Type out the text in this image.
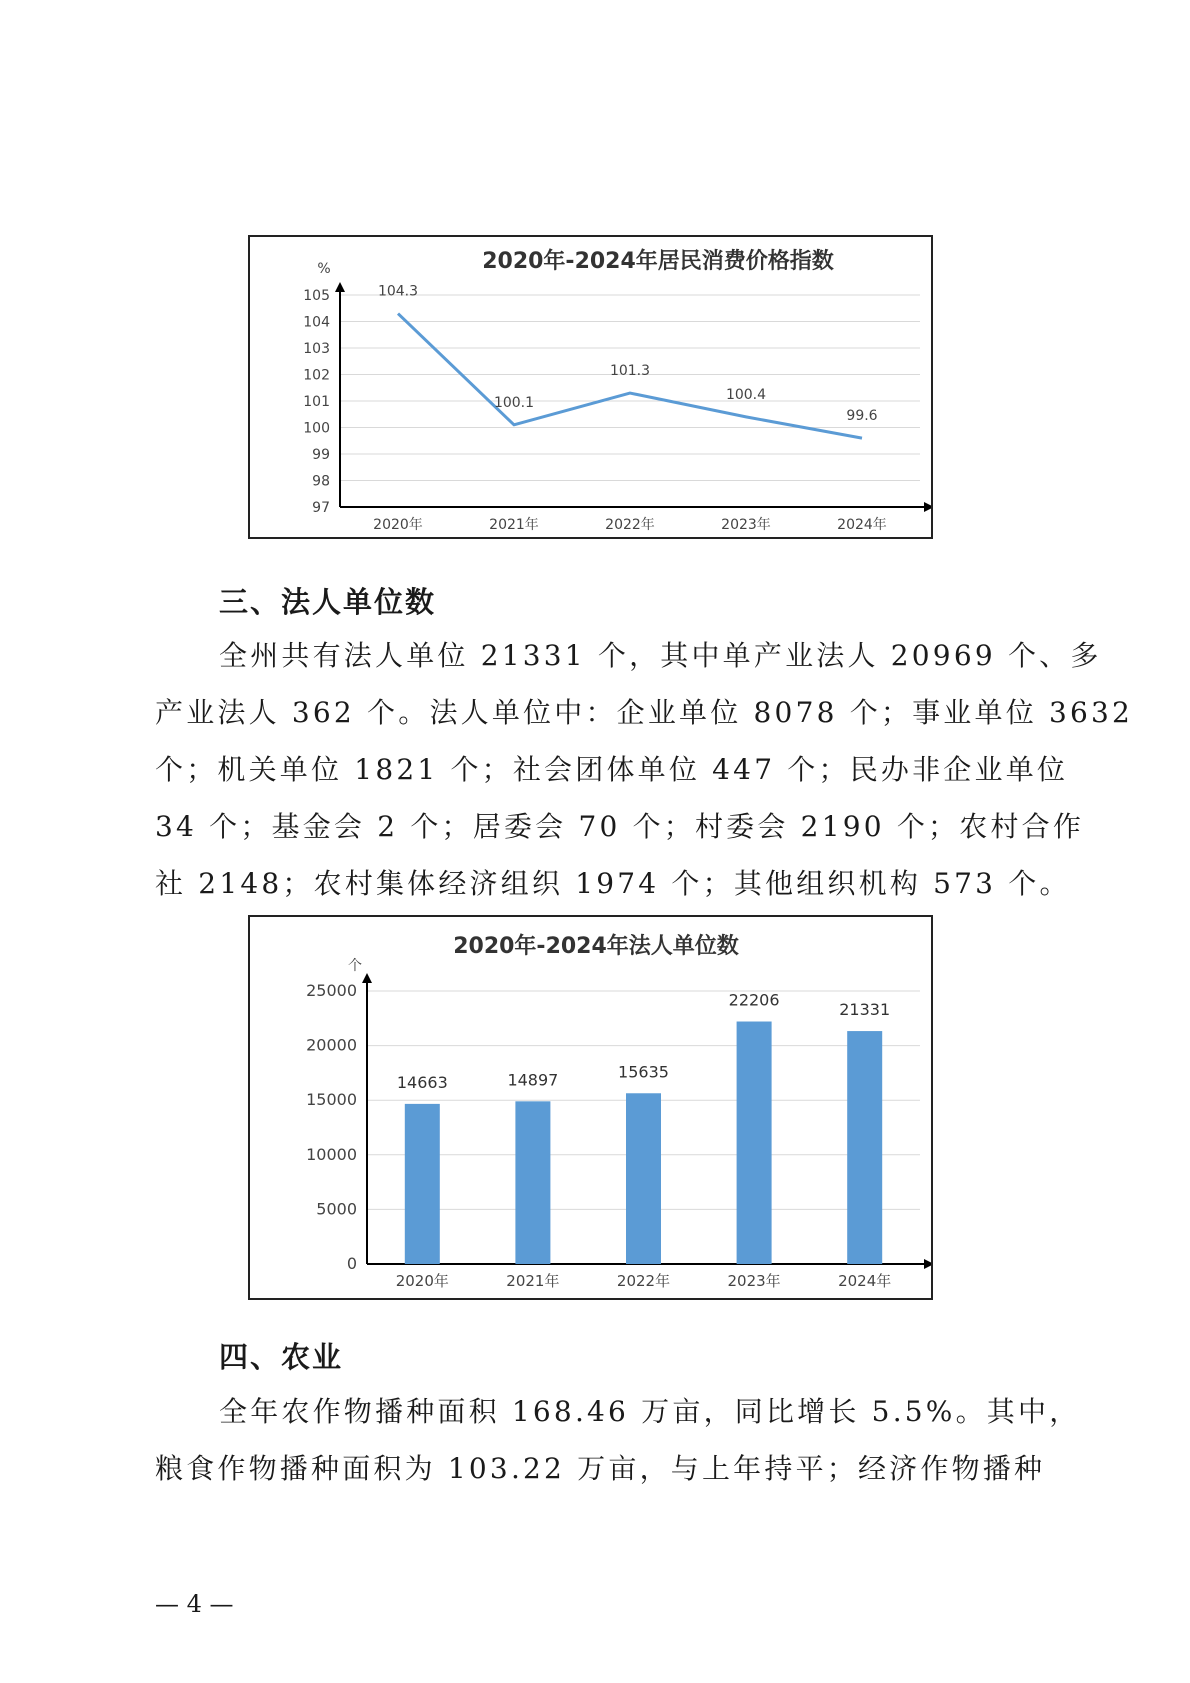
2020年-2024年居民消费价格指数
%
97
98
99
100
101
102
103
104
105
2020年	2021年	2022年	2023年	2024年
104.3
100.1
101.3
100.4
99.6
三、法人单位数

全州共有法人单位 21331 个，其中单产业法人 20969 个、多
产业法人 362 个。法人单位中：企业单位 8078 个；事业单位 3632
个；机关单位 1821 个；社会团体单位 447 个；民办非企业单位
34 个；基金会 2 个；居委会 70 个；村委会 2190 个；农村合作
社 2148；农村集体经济组织 1974 个；其他组织机构 573 个。

2020年-2024年法人单位数
个
0
5000
10000
15000
20000
25000
2020年	2021年	2022年	2023年	2024年
14663	14897	15635
22206
21331
四、农业

全年农作物播种面积 168.46 万亩，同比增长 5.5%。其中，
粮食作物播种面积为 103.22 万亩，与上年持平；经济作物播种

— 4 —
